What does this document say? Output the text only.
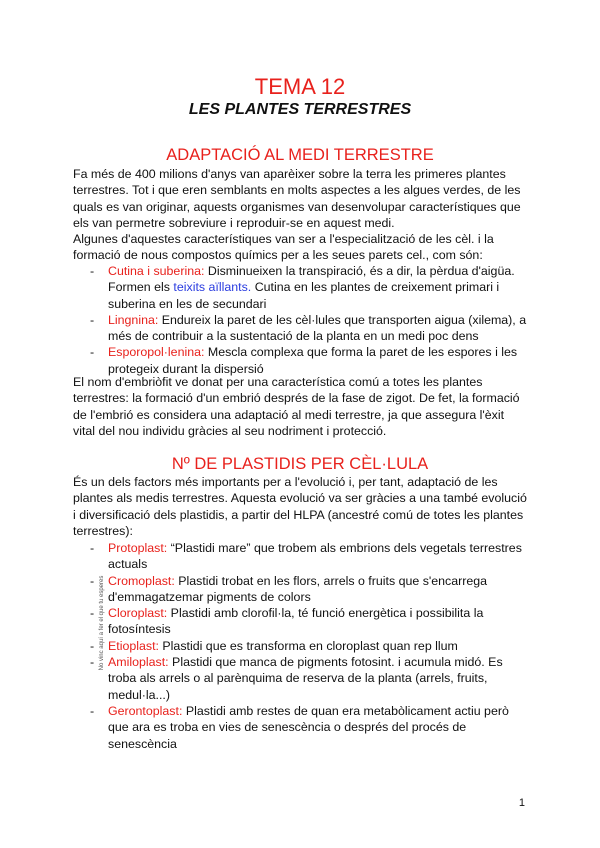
TEMA 12
LES PLANTES TERRESTRES
ADAPTACIÓ AL MEDI TERRESTRE

Fa més de 400 milions d'anys van aparèixer sobre la terra les primeres plantes terrestres. Tot i que eren semblants en molts aspectes a les algues verdes, de les quals es van originar, aquests organismes van desenvolupar característiques que els van permetre sobreviure i reproduir-se en aquest medi.

Algunes d'aquestes característiques van ser a l'especialització de les cèl. i la formació de nous compostos químics per a les seues parets cel., com són:

- Cutina i suberina: Disminueixen la transpiració, és a dir, la pèrdua d'aigüa. Formen els teixits aïllants. Cutina en les plantes de creixement primari i suberina en les de secundari
- Lingnina: Endureix la paret de les cèl·lules que transporten aigua (xilema), a més de contribuir a la sustentació de la planta en un medi poc dens
- Esporopol·lenina: Mescla complexa que forma la paret de les espores i les protegeix durant la dispersió

El nom d'embriòfit ve donat per una característica comú a totes les plantes terrestres: la formació d'un embrió després de la fase de zigot. De fet, la formació de l'embrió es considera una adaptació al medi terrestre, ja que assegura l'èxit vital del nou individu gràcies al seu nodriment i protecció.

Nº DE PLASTIDIS PER CÈL·LULA

És un dels factors més importants per a l'evolució i, per tant, adaptació de les plantes als medis terrestres. Aquesta evolució va ser gràcies a una també evolució i diversificació dels plastidis, a partir del HLPA (ancestré comú de totes les plantes terrestres):

- Protoplast: “Plastidi mare” que trobem als embrions dels vegetals terrestres actuals
- Cromoplast: Plastidi trobat en les flors, arrels o fruits que s'encarrega d'emmagatzemar pigments de colors
- Cloroplast: Plastidi amb clorofil·la, té funció energètica i possibilita la fotosíntesis
- Etioplast: Plastidi que es transforma en cloroplast quan rep llum
- Amiloplast: Plastidi que manca de pigments fotosint. i acumula midó. Es troba als arrels o al parènquima de reserva de la planta (arrels, fruits, medul·la...)
- Gerontoplast: Plastidi amb restes de quan era metabòlicament actiu però que ara es troba en vies de senescència o després del procés de senescència
No vinc aquí a fer el que tu esperes
1
